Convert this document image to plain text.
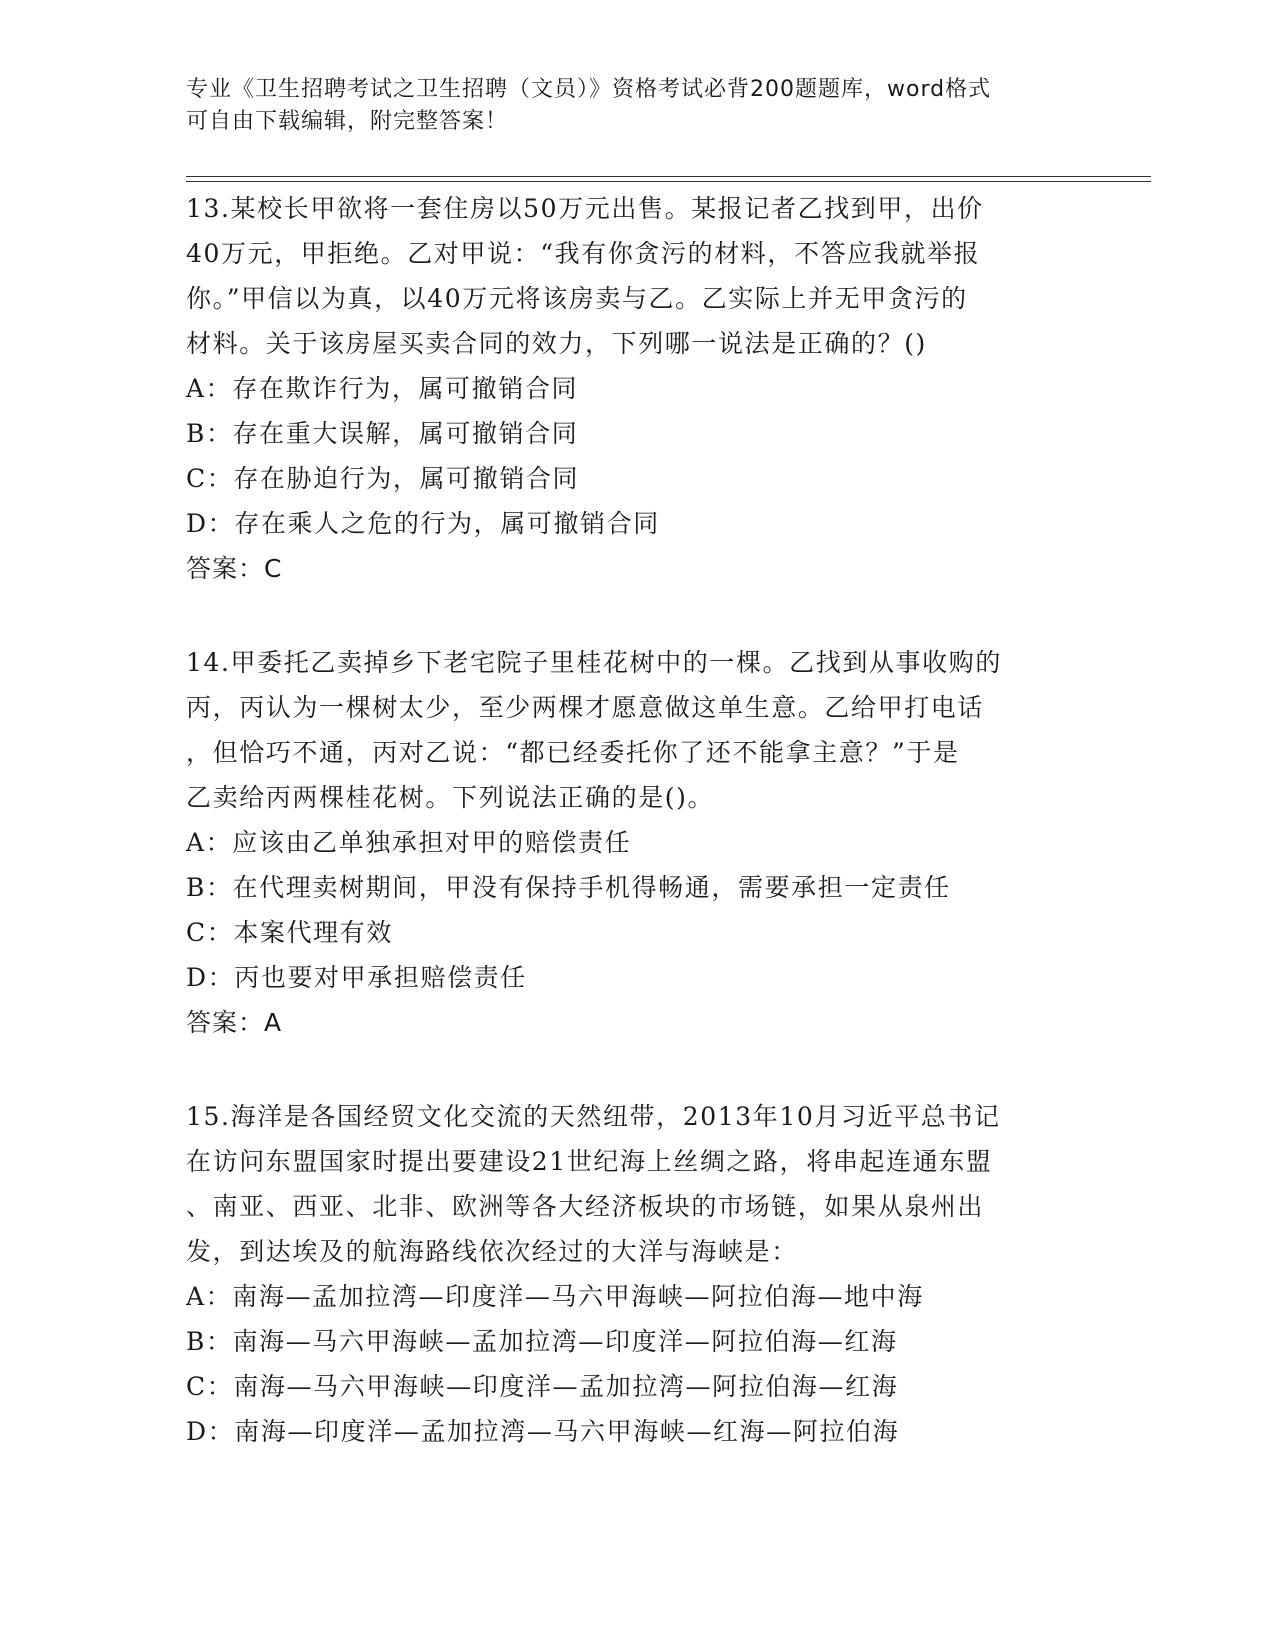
专业《卫生招聘考试之卫生招聘（文员）》资格考试必背200题题库，word格式
可自由下载编辑，附完整答案！
13.某校长甲欲将一套住房以50万元出售。某报记者乙找到甲，出价
40万元，甲拒绝。乙对甲说：“我有你贪污的材料，不答应我就举报
你。”甲信以为真，以40万元将该房卖与乙。乙实际上并无甲贪污的
材料。关于该房屋买卖合同的效力，下列哪一说法是正确的？()
A：存在欺诈行为，属可撤销合同
B：存在重大误解，属可撤销合同
C：存在胁迫行为，属可撤销合同
D：存在乘人之危的行为，属可撤销合同
答案：C
14.甲委托乙卖掉乡下老宅院子里桂花树中的一棵。乙找到从事收购的
丙，丙认为一棵树太少，至少两棵才愿意做这单生意。乙给甲打电话
，但恰巧不通，丙对乙说：“都已经委托你了还不能拿主意？”于是
乙卖给丙两棵桂花树。下列说法正确的是()。
A：应该由乙单独承担对甲的赔偿责任
B：在代理卖树期间，甲没有保持手机得畅通，需要承担一定责任
C：本案代理有效
D：丙也要对甲承担赔偿责任
答案：A
15.海洋是各国经贸文化交流的天然纽带，2013年10月习近平总书记
在访问东盟国家时提出要建设21世纪海上丝绸之路，将串起连通东盟
、南亚、西亚、北非、欧洲等各大经济板块的市场链，如果从泉州出
发，到达埃及的航海路线依次经过的大洋与海峡是：
A：南海—孟加拉湾—印度洋—马六甲海峡—阿拉伯海—地中海
B：南海—马六甲海峡—孟加拉湾—印度洋—阿拉伯海—红海
C：南海—马六甲海峡—印度洋—孟加拉湾—阿拉伯海—红海
D：南海—印度洋—孟加拉湾—马六甲海峡—红海—阿拉伯海
